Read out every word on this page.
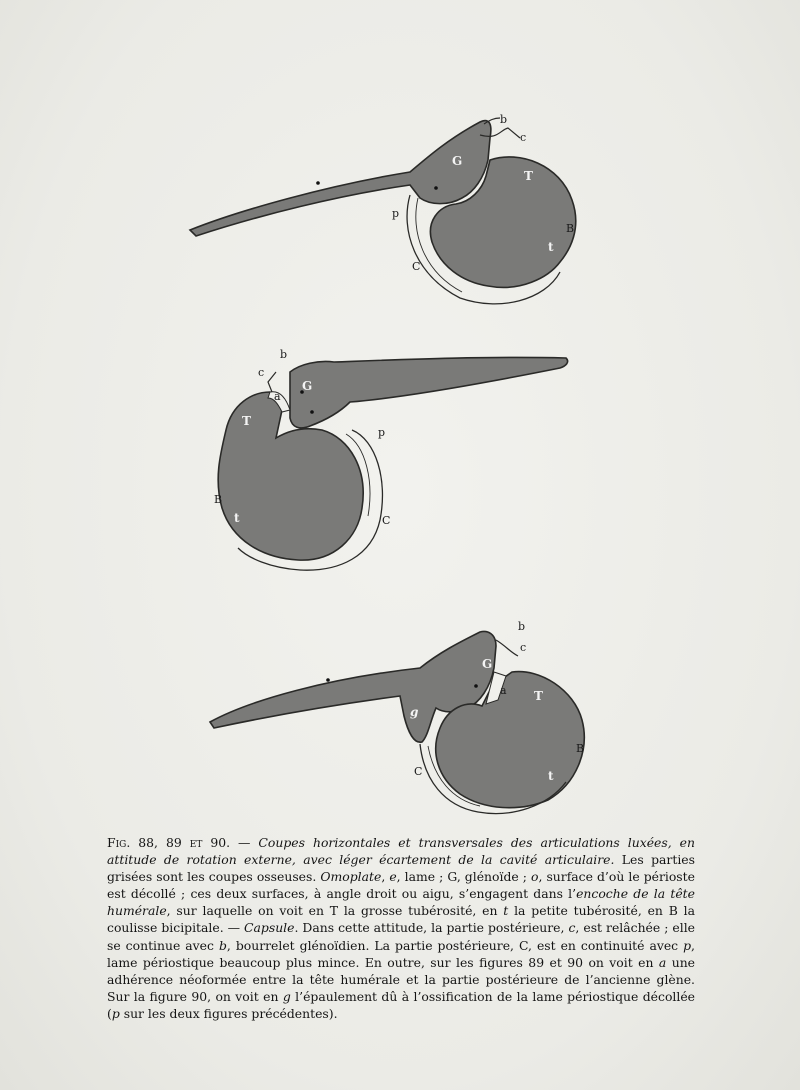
b
c
G
T
p
B
t
C
b
c
a
G
T
p
B
t	C
b
c
G
a T
g
B
C	t
Fig. 88, 89 et 90. — Coupes horizontales et transversales des articulations luxées, en attitude de rotation externe, avec léger écartement de la cavité articulaire. Les parties grisées sont les coupes osseuses. Omoplate, e, lame ; G, glénoïde ; o, surface d’où le périoste est décollé ; ces deux surfaces, à angle droit ou aigu, s’engagent dans l’encoche de la tête humérale, sur laquelle on voit en T la grosse tubérosité, en t la petite tubérosité, en B la coulisse bicipitale. — Capsule. Dans cette attitude, la partie postérieure, c, est relâchée ; elle se continue avec b, bourrelet glénoïdien. La partie postérieure, C, est en continuité avec p, lame périostique beaucoup plus mince. En outre, sur les figures 89 et 90 on voit en a une adhérence néoformée entre la tête humérale et la partie postérieure de l’ancienne glène. Sur la figure 90, on voit en g l’épaulement dû à l’ossification de la lame périostique décollée (p sur les deux figures précédentes).
